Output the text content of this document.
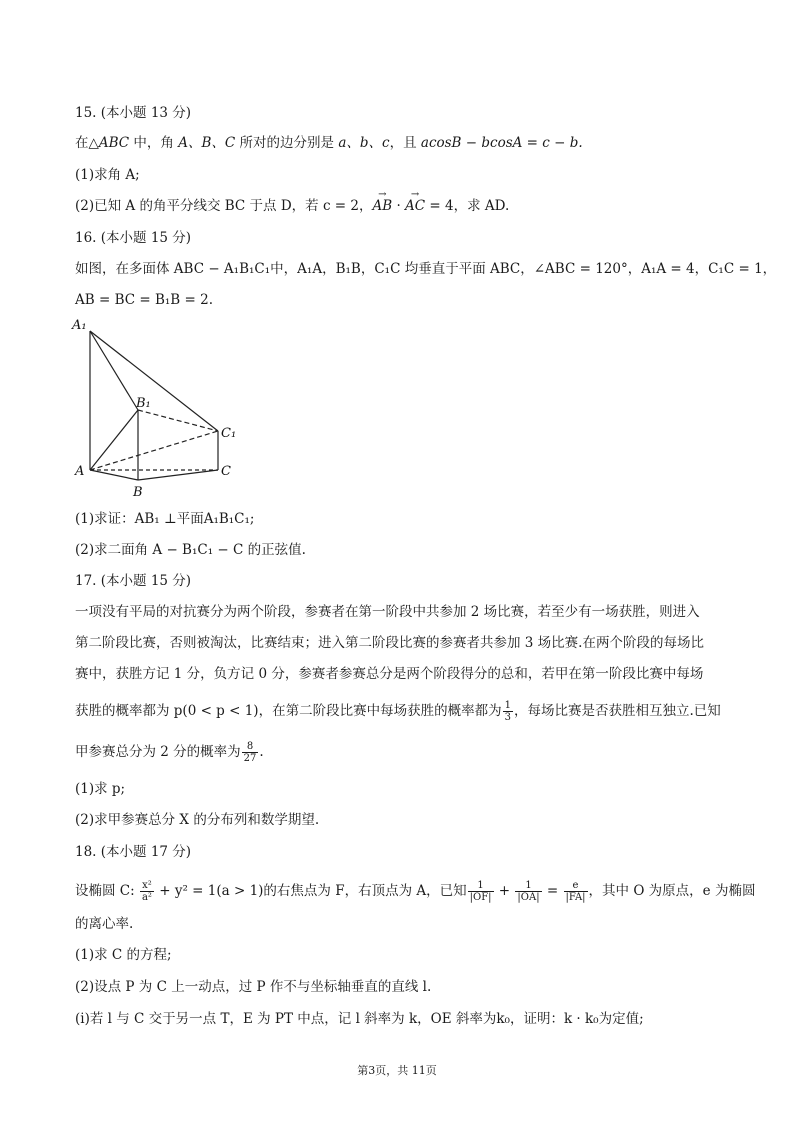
15. (本小题 13 分)
在△ABC 中，角 A、B、C 所对的边分别是 a、b、c，且 acosB − bcosA = c − b.
(1)求角 A;
(2)已知 A 的角平分线交 BC 于点 D，若 c = 2，→ AB · → AC = 4，求 AD.
16. (本小题 15 分)
如图，在多面体 ABC − A₁B₁C₁中，A₁A，B₁B，C₁C 均垂直于平面 ABC，∠ABC = 120°，A₁A = 4，C₁C = 1，
AB = BC = B₁B = 2.
A₁
B₁
C₁
A
B
C
(1)求证：AB₁ ⊥平面A₁B₁C₁;
(2)求二面角 A − B₁C₁ − C 的正弦值.
17. (本小题 15 分)
一项没有平局的对抗赛分为两个阶段，参赛者在第一阶段中共参加 2 场比赛，若至少有一场获胜，则进入
第二阶段比赛，否则被淘汰，比赛结束；进入第二阶段比赛的参赛者共参加 3 场比赛.在两个阶段的每场比
赛中，获胜方记 1 分，负方记 0 分，参赛者参赛总分是两个阶段得分的总和，若甲在第一阶段比赛中每场
获胜的概率都为 p(0 < p < 1)，在第二阶段比赛中每场获胜的概率都为 $\frac{1}{3}$ ，每场比赛是否获胜相互独立.已知
甲参赛总分为 2 分的概率为 $\frac{8}{27}$ .
(1)求 p;
(2)求甲参赛总分 X 的分布列和数学期望.
18. (本小题 17 分)
设椭圆 C: $\frac{\text{x²}}{\text{a²}} + y^2 = 1(a > 1)$的右焦点为 F，右顶点为 A，已知 $\frac{1}{|OF|} + \frac{1}{|OA|} = \frac{e}{|FA|}$ ，其中 O 为原点，e 为椭圆
的离心率.
(1)求 C 的方程;
(2)设点 P 为 C 上一动点，过 P 作不与坐标轴垂直的直线 l.
(i)若 l 与 C 交于另一点 T，E 为 PT 中点，记 l 斜率为 k，OE 斜率为k₀，证明：k · k₀为定值;
第3页，共 11页
